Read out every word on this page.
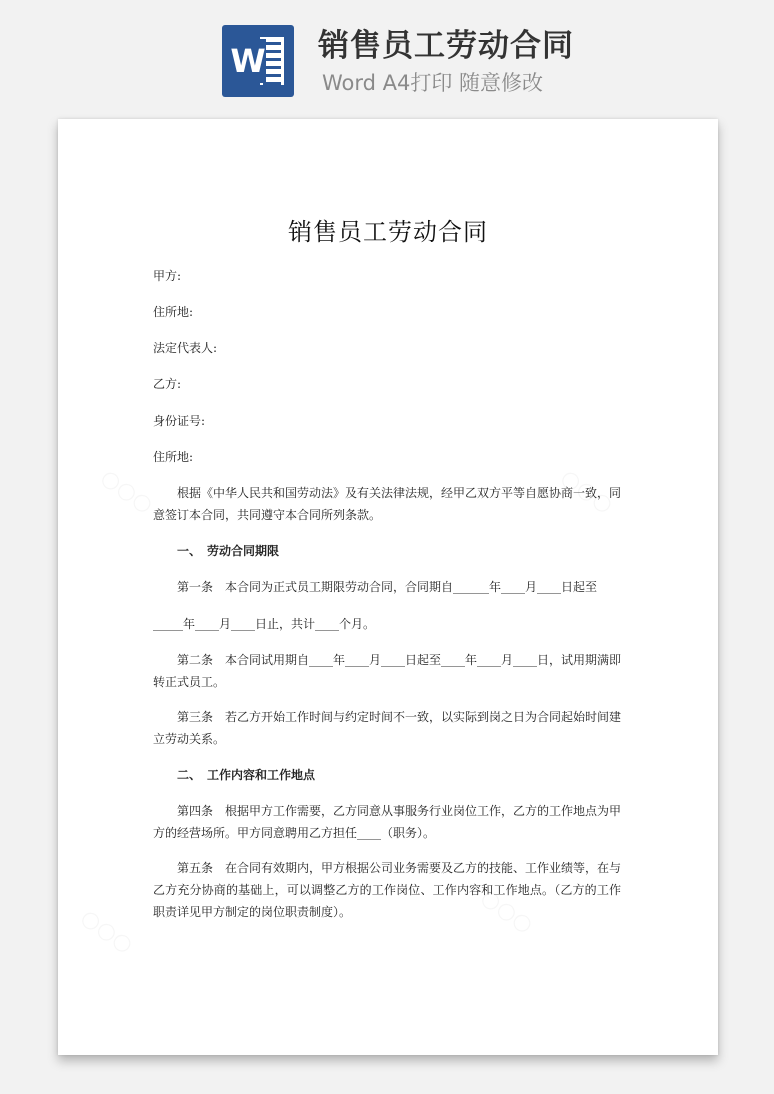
W 销售员工劳动合同
Word A4打印 随意修改
销售员工劳动合同
甲方:
住所地:
法定代表人:
乙方:
身份证号:
住所地:
根据《中华人民共和国劳动法》及有关法律法规，经甲乙双方平等自愿协商一致，同意签订本合同，共同遵守本合同所列条款。
一、　劳动合同期限
第一条　本合同为正式员工期限劳动合同，合同期自______年____月____日起至
_____年____月____日止，共计____个月。
第二条　本合同试用期自____年____月____日起至____年____月____日，试用期满即转正式员工。
第三条　若乙方开始工作时间与约定时间不一致，以实际到岗之日为合同起始时间建立劳动关系。
二、　工作内容和工作地点
第四条　根据甲方工作需要，乙方同意从事服务行业岗位工作，乙方的工作地点为甲方的经营场所。甲方同意聘用乙方担任____（职务）。
第五条　在合同有效期内，甲方根据公司业务需要及乙方的技能、工作业绩等，在与乙方充分协商的基础上，可以调整乙方的工作岗位、工作内容和工作地点。（乙方的工作职责详见甲方制定的岗位职责制度）。
